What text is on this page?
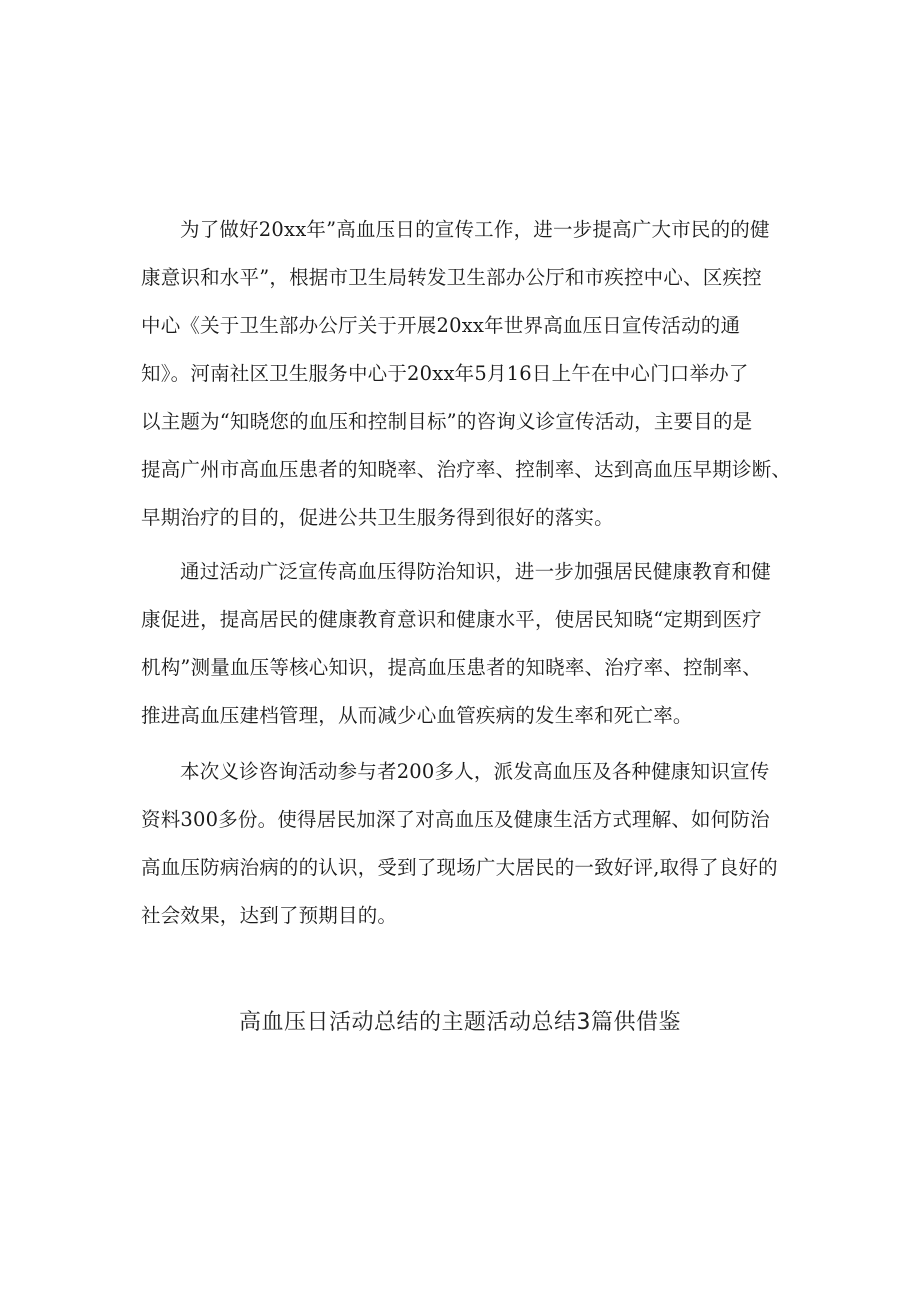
为了做好20xx年”高血压日的宣传工作，进一步提高广大市民的的健
康意识和水平”，根据市卫生局转发卫生部办公厅和市疾控中心、区疾控
中心《关于卫生部办公厅关于开展20xx年世界高血压日宣传活动的通
知》。河南社区卫生服务中心于20xx年5月16日上午在中心门口举办了
以主题为“知晓您的血压和控制目标”的咨询义诊宣传活动，主要目的是
提高广州市高血压患者的知晓率、治疗率、控制率、达到高血压早期诊断、
早期治疗的目的，促进公共卫生服务得到很好的落实。
通过活动广泛宣传高血压得防治知识，进一步加强居民健康教育和健
康促进，提高居民的健康教育意识和健康水平，使居民知晓“定期到医疗
机构”测量血压等核心知识，提高血压患者的知晓率、治疗率、控制率、
推进高血压建档管理，从而减少心血管疾病的发生率和死亡率。
本次义诊咨询活动参与者200多人，派发高血压及各种健康知识宣传
资料300多份。使得居民加深了对高血压及健康生活方式理解、如何防治
高血压防病治病的的认识，受到了现场广大居民的一致好评,取得了良好的
社会效果，达到了预期目的。
高血压日活动总结的主题活动总结3篇供借鉴
